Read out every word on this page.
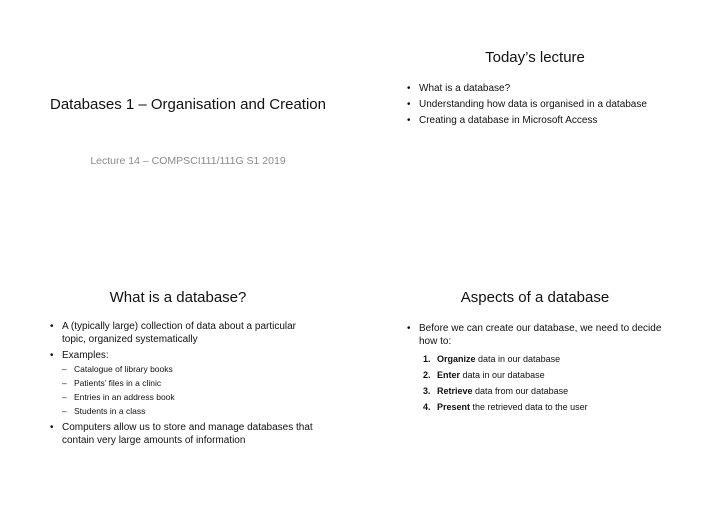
Databases 1 – Organisation and Creation
Lecture 14 – COMPSCI111/111G S1 2019
Today’s lecture
• What is a database?
• Understanding how data is organised in a database
• Creating a database in Microsoft Access
What is a database?
• A (typically large) collection of data about a particular topic, organized systematically
• Examples:
– Catalogue of library books
– Patients’ files in a clinic
– Entries in an address book
– Students in a class
• Computers allow us to store and manage databases that contain very large amounts of information
Aspects of a database
• Before we can create our database, we need to decide how to:
1. Organize data in our database
2. Enter data in our database
3. Retrieve data from our database
4. Present the retrieved data to the user
